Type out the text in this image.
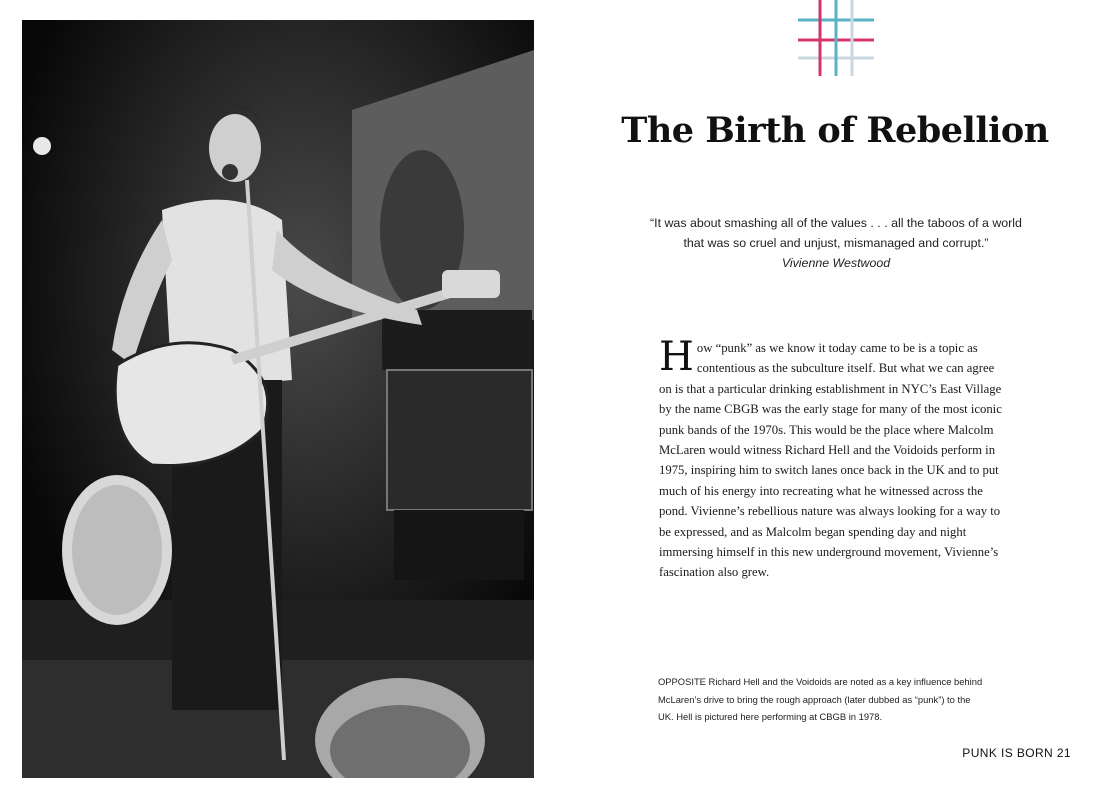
The Birth of Rebellion
“It was about smashing all of the values . . . all the taboos of a world that was so cruel and unjust, mismanaged and corrupt.”
Vivienne Westwood

How “punk” as we know it today came to be is a topic as contentious as the subculture itself. But what we can agree on is that a particular drinking establishment in NYC’s East Village by the name CBGB was the early stage for many of the most iconic punk bands of the 1970s. This would be the place where Malcolm McLaren would witness Richard Hell and the Voidoids perform in 1975, inspiring him to switch lanes once back in the UK and to put much of his energy into recreating what he witnessed across the pond. Vivienne’s rebellious nature was always looking for a way to be expressed, and as Malcolm began spending day and night immersing himself in this new underground movement, Vivienne’s fascination also grew.

OPPOSITE Richard Hell and the Voidoids are noted as a key influence behind McLaren’s drive to bring the rough approach (later dubbed as “punk”) to the UK. Hell is pictured here performing at CBGB in 1978.

PUNK IS BORN 21
